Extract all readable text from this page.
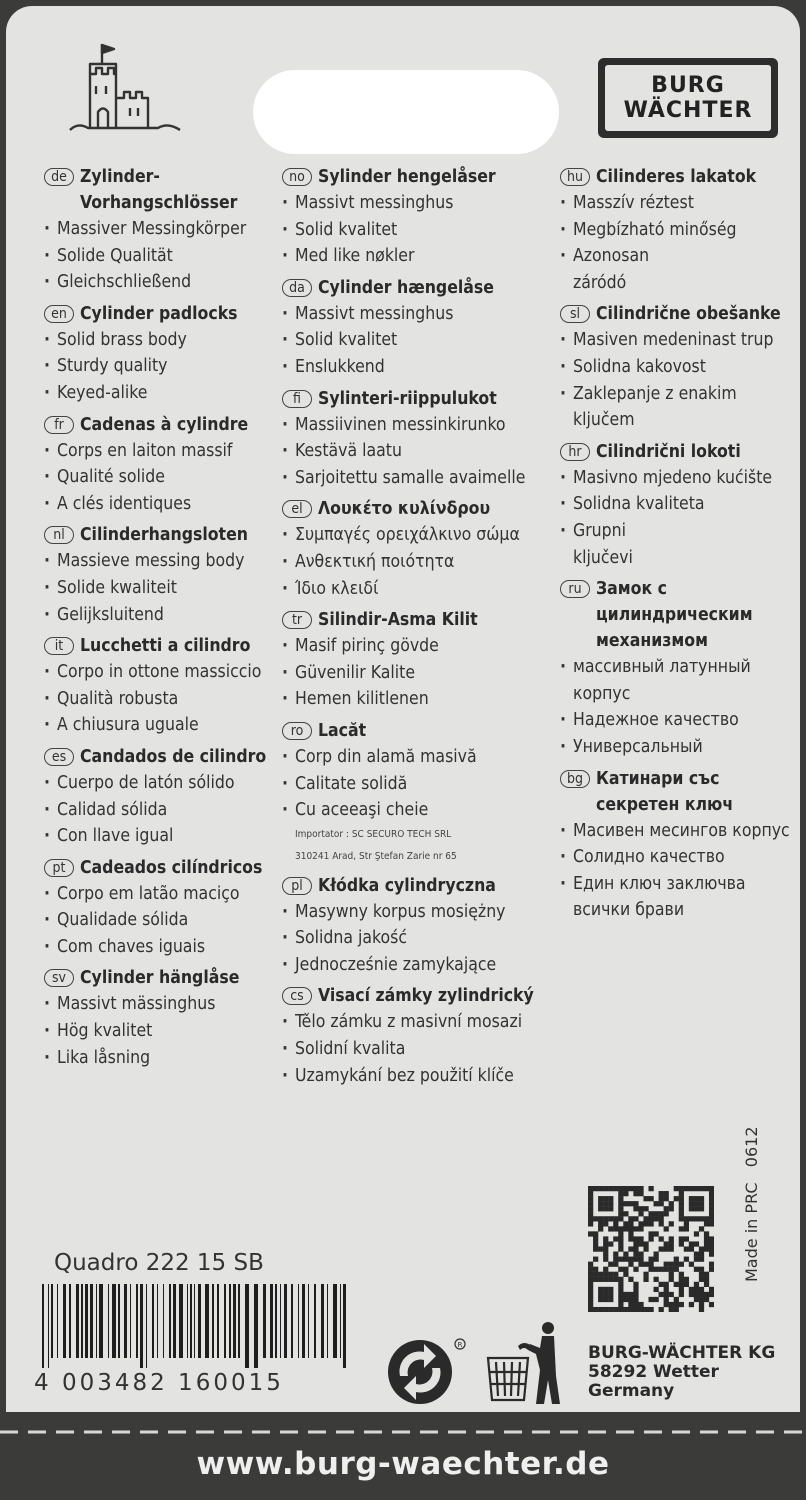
BURG
WÄCHTER
de Zylinder-Vorhangschlösser
· Massiver Messingkörper
· Solide Qualität
· Gleichschließend
en Cylinder padlocks
· Solid brass body
· Sturdy quality
· Keyed-alike
fr Cadenas à cylindre
· Corps en laiton massif
· Qualité solide
· A clés identiques
nl Cilinderhangsloten
· Massieve messing body
· Solide kwaliteit
· Gelijksluitend
it Lucchetti a cilindro
· Corpo in ottone massiccio
· Qualità robusta
· A chiusura uguale
es Candados de cilindro
· Cuerpo de latón sólido
· Calidad sólida
· Con llave igual
pt Cadeados cilíndricos
· Corpo em latão maciço
· Qualidade sólida
· Com chaves iguais
sv Cylinder hänglåse
· Massivt mässinghus
· Hög kvalitet
· Lika låsning
no Sylinder hengelåser
· Massivt messinghus
· Solid kvalitet
· Med like nøkler
da Cylinder hængelåse
· Massivt messinghus
· Solid kvalitet
· Enslukkend
fi Sylinteri-riippulukot
· Massiivinen messinkirunko
· Kestävä laatu
· Sarjoitettu samalle avaimelle
el Λουκέτο κυλίνδρου
· Συμπαγές ορειχάλκινο σώμα
· Ανθεκτική ποιότητα
· Ίδιο κλειδί
tr Silindir-Asma Kilit
· Masif pirinç gövde
· Güvenilir Kalite
· Hemen kilitlenen
ro Lacăt
· Corp din alamă masivă
· Calitate solidă
· Cu aceeaşi cheie
Importator : SC SECURO TECH SRL
310241 Arad, Str Ştefan Zarie nr 65
pl Kłódka cylindryczna
· Masywny korpus mosiężny
· Solidna jakość
· Jednocześnie zamykające
cs Visací zámky zylindrický
· Tělo zámku z masivní mosazi
· Solidní kvalita
· Uzamykání bez použití klíče
hu Cilinderes lakatok
· Masszív réztest
· Megbízható minőség
· Azonosan
záródó
sl Cilindrične obešanke
· Masiven medeninast trup
· Solidna kakovost
· Zaklepanje z enakim
ključem
hr Cilindrični lokoti
· Masivno mjedeno kućište
· Solidna kvaliteta
· Grupni
ključevi
ru Замок с
цилиндрическим
механизмом
· массивный латунный
корпус
· Надежное качество
· Универсальный
bg Катинари със
секретен ключ
· Масивен месингов корпус
· Солидно качество
· Един ключ заключва
всички брави
Made in PRC   0612
Quadro 222 15 SB
4 003482 160015
R	BURG-WÄCHTER KG
58292 Wetter
Germany
www.burg-waechter.de
